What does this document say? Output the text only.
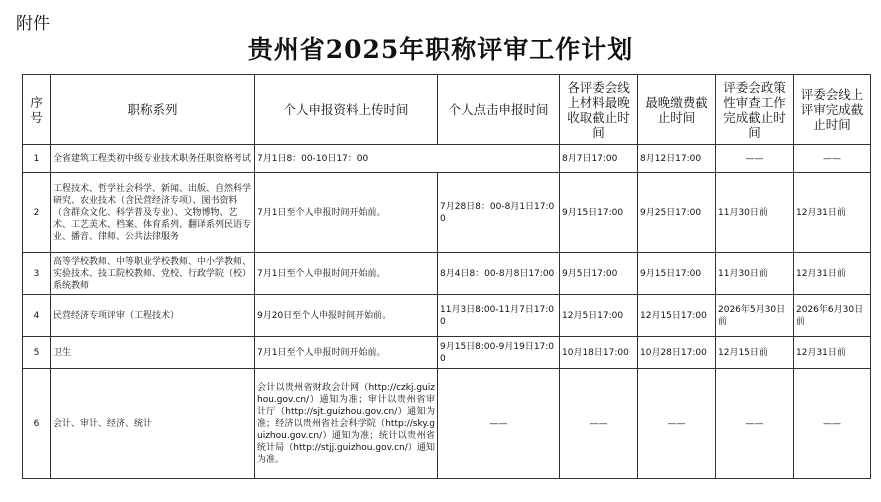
附件
贵州省2025年职称评审工作计划
序号	职称系列	个人申报资料上传时间	个人点击申报时间	各评委会线上材料最晚收取截止时间	最晚缴费截止时间	评委会政策性审查工作完成截止时间	评委会线上评审完成截止时间
1	全省建筑工程类初中级专业技术职务任职资格考试	7月1日8：00-10日17：00		8月7日17:00	8月12日17:00	——	——
2	工程技术、哲学社会科学、新闻、出版、自然科学研究、农业技术（含民营经济专项）、图书资料（含群众文化、科学普及专业）、文物博物、艺术、工艺美术、档案、体育系列、翻译系列民语专业、播音、律师、公共法律服务	7月1日至个人申报时间开始前。	7月28日8：00-8月1日17:00	9月15日17:00	9月25日17:00	11月30日前	12月31日前
3	高等学校教师、中等职业学校教师、中小学教师、实验技术、技工院校教师、党校、行政学院（校）系统教师	7月1日至个人申报时间开始前。	8月4日8：00-8月8日17:00	9月5日17:00	9月15日17:00	11月30日前	12月31日前
4	民营经济专项评审（工程技术）	9月20日至个人申报时间开始前。	11月3日8:00-11月7日17:00	12月5日17:00	12月15日17:00	2026年5月30日前	2026年6月30日前
5	卫生	7月1日至个人申报时间开始前。	9月15日8:00-9月19日17:00	10月18日17:00	10月28日17:00	12月15日前	12月31日前
6	会计、审计、经济、统计	会计以贵州省财政会计网（http://czkj.guizhou.gov.cn/）通知为准；审计以贵州省审计厅（http://sjt.guizhou.gov.cn/）通知为准；经济以贵州省社会科学院（http://sky.guizhou.gov.cn/）通知为准；统计以贵州省统计局（http://stjj.guizhou.gov.cn/）通知为准。	——	——	——	——	——
